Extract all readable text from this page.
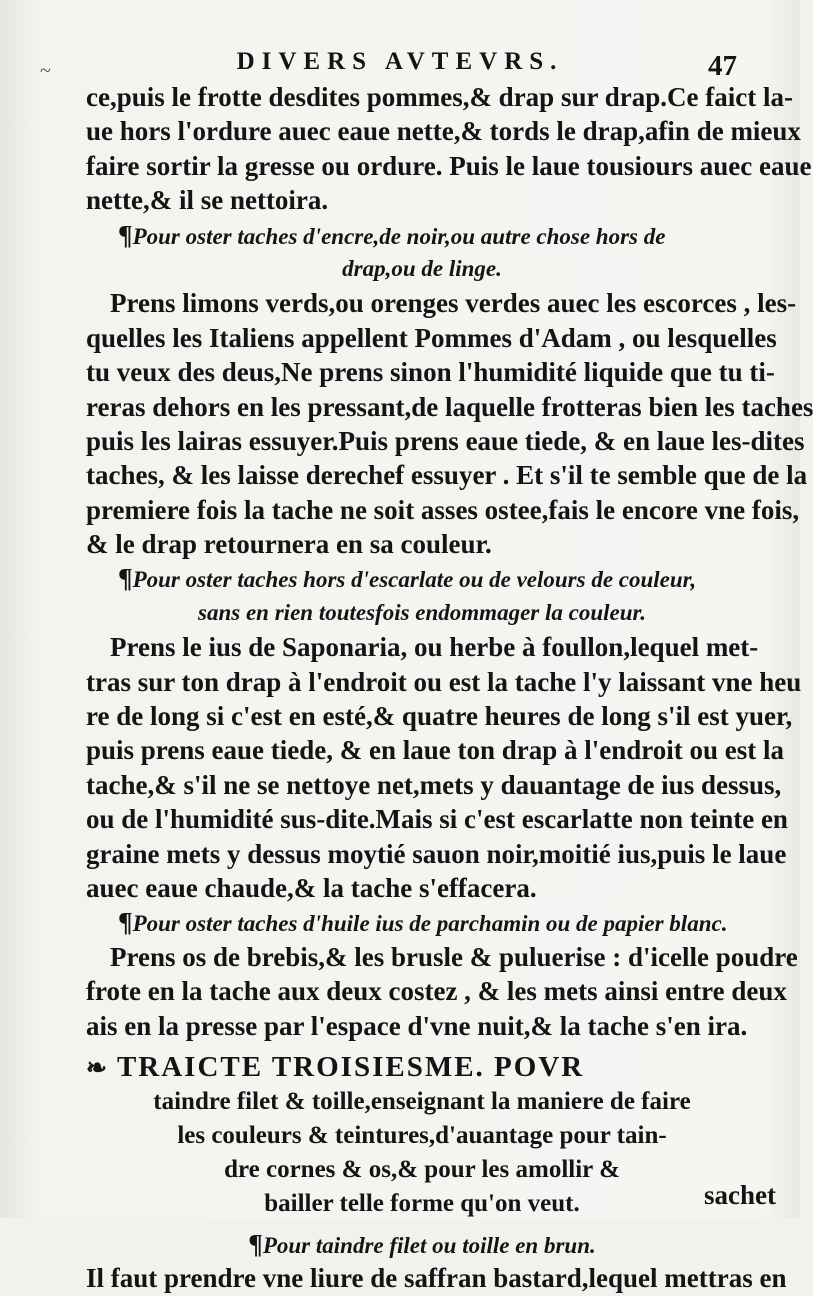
~	DIVERS AVTEVRS.	47
ce,puis le frotte desdites pommes,& drap sur drap.Ce faict la-
ue hors l'ordure auec eaue nette,& tords le drap,afin de mieux
faire sortir la gresse ou ordure. Puis le laue tousiours auec eaue
nette,& il se nettoira.
¶Pour oster taches d'encre,de noir,ou autre chose hors de
drap,ou de linge.
Prens limons verds,ou orenges verdes auec les escorces , les-
quelles les Italiens appellent Pommes d'Adam , ou lesquelles
tu veux des deus,Ne prens sinon l'humidité liquide que tu ti-
reras dehors en les pressant,de laquelle frotteras bien les taches
puis les lairas essuyer.Puis prens eaue tiede, & en laue les-dites
taches, & les laisse derechef essuyer . Et s'il te semble que de la
premiere fois la tache ne soit asses ostee,fais le encore vne fois,
& le drap retournera en sa couleur.
¶Pour oster taches hors d'escarlate ou de velours de couleur,
sans en rien toutesfois endommager la couleur.
Prens le ius de Saponaria, ou herbe à foullon,lequel met-
tras sur ton drap à l'endroit ou est la tache l'y laissant vne heu
re de long si c'est en esté,& quatre heures de long s'il est yuer,
puis prens eaue tiede, & en laue ton drap à l'endroit ou est la
tache,& s'il ne se nettoye net,mets y dauantage de ius dessus,
ou de l'humidité sus-dite.Mais si c'est escarlatte non teinte en
graine mets y dessus moytié sauon noir,moitié ius,puis le laue
auec eaue chaude,& la tache s'effacera.
¶Pour oster taches d'huile ius de parchamin ou de papier blanc.
Prens os de brebis,& les brusle & puluerise : d'icelle poudre
frote en la tache aux deux costez , & les mets ainsi entre deux
ais en la presse par l'espace d'vne nuit,& la tache s'en ira.
❧ TRAICTE TROISIESME. POVR
taindre filet & toille,enseignant la maniere de faire
les couleurs & teintures,d'auantage pour tain-
dre cornes & os,& pour les amollir &
bailler telle forme qu'on veut.
¶Pour taindre filet ou toille en brun.
Il faut prendre vne liure de saffran bastard,lequel mettras en
sachet
